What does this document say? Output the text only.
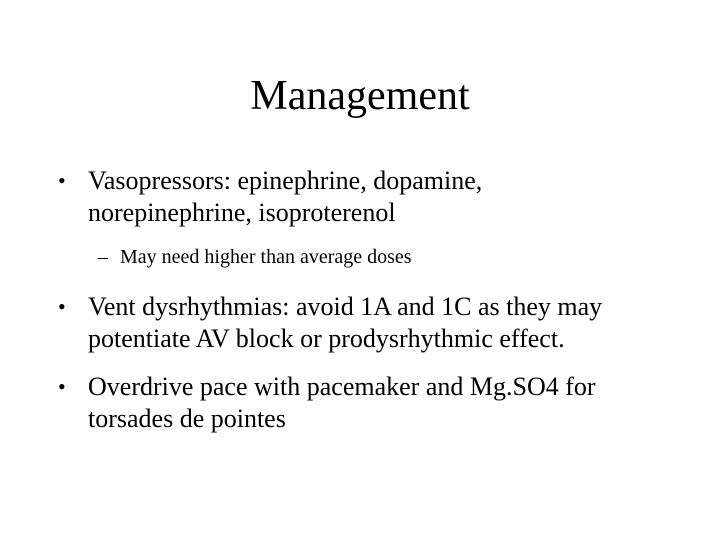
Management
• Vasopressors: epinephrine, dopamine,
norepinephrine, isoproterenol
– May need higher than average doses
• Vent dysrhythmias: avoid 1A and 1C as they may
potentiate AV block or prodysrhythmic effect.
• Overdrive pace with pacemaker and Mg.SO4 for
torsades de pointes
